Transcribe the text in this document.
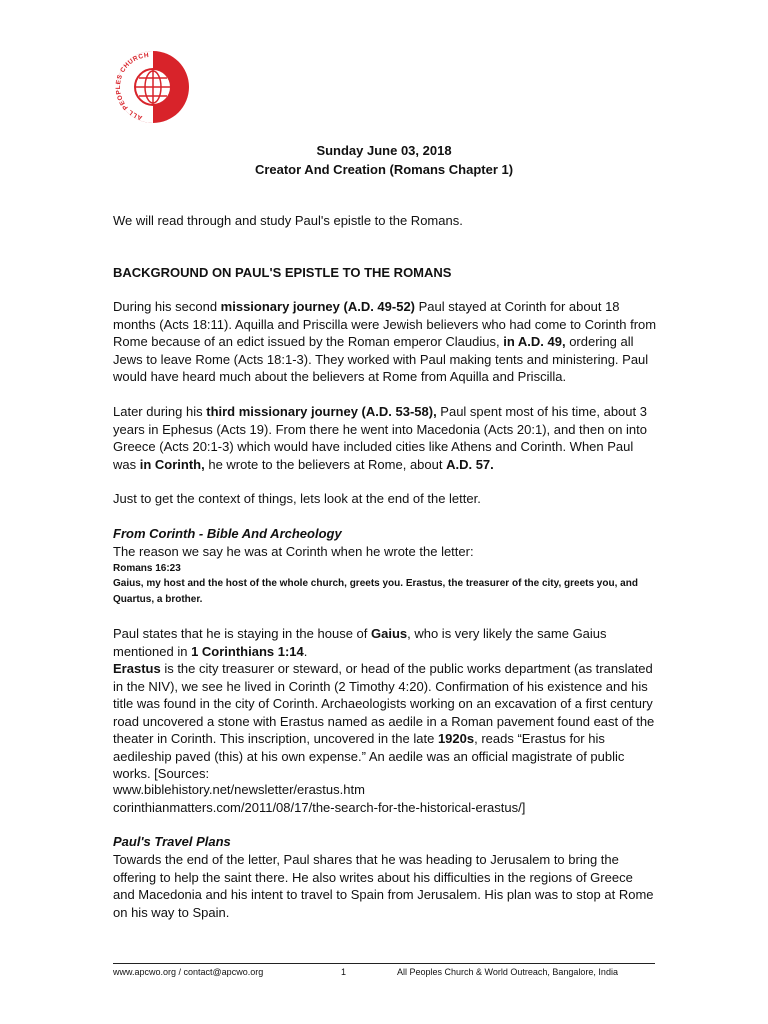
ALL PEOPLES CHURCH
Sunday June 03, 2018
Creator And Creation (Romans Chapter 1)
We will read through and study Paul's epistle to the Romans.
BACKGROUND ON PAUL'S EPISTLE TO THE ROMANS

During his second missionary journey (A.D. 49-52) Paul stayed at Corinth for about 18 months (Acts 18:11). Aquilla and Priscilla were Jewish believers who had come to Corinth from Rome because of an edict issued by the Roman emperor Claudius, in A.D. 49, ordering all Jews to leave Rome (Acts 18:1-3). They worked with Paul making tents and ministering. Paul would have heard much about the believers at Rome from Aquilla and Priscilla.

Later during his third missionary journey (A.D. 53-58), Paul spent most of his time, about 3 years in Ephesus (Acts 19). From there he went into Macedonia (Acts 20:1), and then on into Greece (Acts 20:1-3) which would have included cities like Athens and Corinth. When Paul was in Corinth, he wrote to the believers at Rome, about A.D. 57.

Just to get the context of things, lets look at the end of the letter.
From Corinth - Bible And Archeology
The reason we say he was at Corinth when he wrote the letter:
Romans 16:23
Gaius, my host and the host of the whole church, greets you. Erastus, the treasurer of the city, greets you, and Quartus, a brother.

Paul states that he is staying in the house of Gaius, who is very likely the same Gaius mentioned in 1 Corinthians 1:14.

Erastus is the city treasurer or steward, or head of the public works department (as translated in the NIV), we see he lived in Corinth (2 Timothy 4:20). Confirmation of his existence and his title was found in the city of Corinth. Archaeologists working on an excavation of a first century road uncovered a stone with Erastus named as aedile in a Roman pavement found east of the theater in Corinth. This inscription, uncovered in the late 1920s, reads “Erastus for his aedileship paved (this) at his own expense.” An aedile was an official magistrate of public works. [Sources:

www.biblehistory.net/newsletter/erastus.htm
corinthianmatters.com/2011/08/17/the-search-for-the-historical-erastus/]
Paul's Travel Plans
Towards the end of the letter, Paul shares that he was heading to Jerusalem to bring the offering to help the saint there. He also writes about his difficulties in the regions of Greece and Macedonia and his intent to travel to Spain from Jerusalem. His plan was to stop at Rome on his way to Spain.
www.apcwo.org / contact@apcwo.org	1	All Peoples Church & World Outreach, Bangalore, India
